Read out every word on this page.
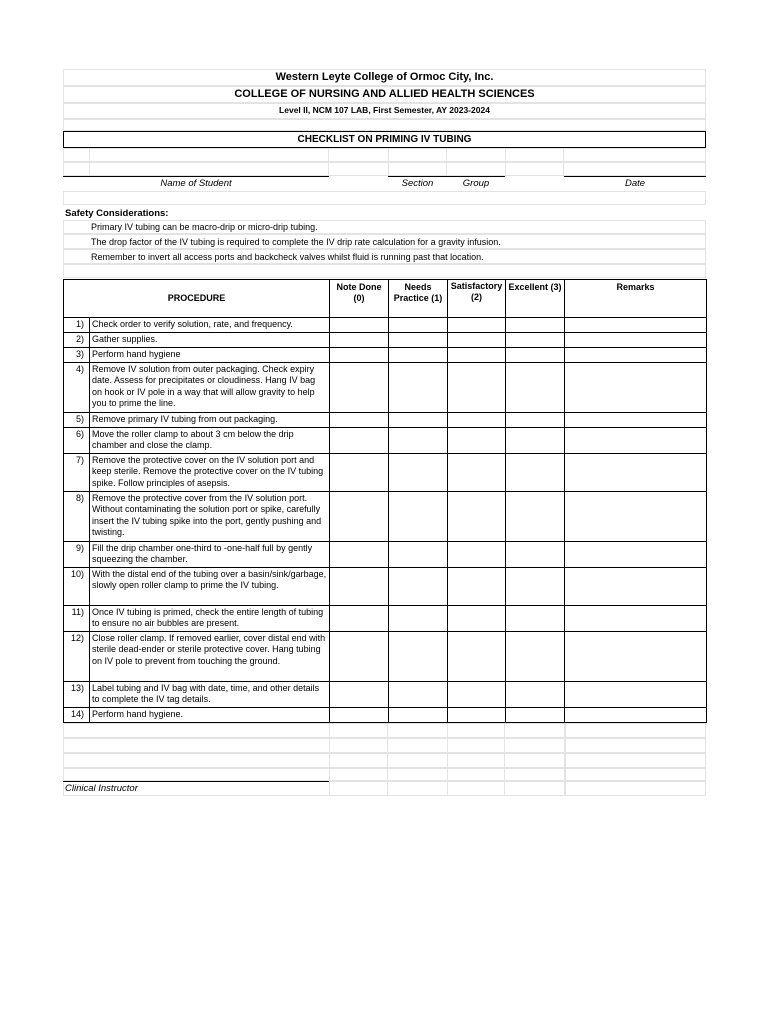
Western Leyte College of Ormoc City, Inc.
COLLEGE OF NURSING AND ALLIED HEALTH SCIENCES
Level II, NCM 107 LAB, First Semester, AY 2023-2024
CHECKLIST ON PRIMING IV TUBING
Name of Student	Section	Group	Date
Safety Considerations:
Primary IV tubing can be macro-drip or micro-drip tubing.
The drop factor of the IV tubing is required to complete the IV drip rate calculation for a gravity infusion.
Remember to invert all access ports and backcheck valves whilst fluid is running past that location.
PROCEDURE		Note Done (0)	Needs Practice (1)	Satisfactory (2)	Excellent (3)	Remarks
1)	Check order to verify solution, rate, and frequency.					
2)	Gather supplies.					
3)	Perform hand hygiene					
4)	Remove IV solution from outer packaging. Check expiry date. Assess for precipitates or cloudiness. Hang IV bag on hook or IV pole in a way that will allow gravity to help you to prime the line.					
5)	Remove primary IV tubing from out packaging.					
6)	Move the roller clamp to about 3 cm below the drip chamber and close the clamp.					
7)	Remove the protective cover on the IV solution port and keep sterile. Remove the protective cover on the IV tubing spike. Follow principles of asepsis.					
8)	Remove the protective cover from the IV solution port. Without contaminating the solution port or spike, carefully insert the IV tubing spike into the port, gently pushing and twisting.					
9)	Fill the drip chamber one-third to -one-half full by gently squeezing the chamber.					
10)	With the distal end of the tubing over a basin/sink/garbage, slowly open roller clamp to prime the IV tubing.					
11)	Once IV tubing is primed, check the entire length of tubing to ensure no air bubbles are present.					
12)	Close roller clamp. If removed earlier, cover distal end with sterile dead-ender or sterile protective cover. Hang tubing on IV pole to prevent from touching the ground.					
13)	Label tubing and IV bag with date, time, and other details to complete the IV tag details.					
14)	Perform hand hygiene.					
Clinical Instructor
